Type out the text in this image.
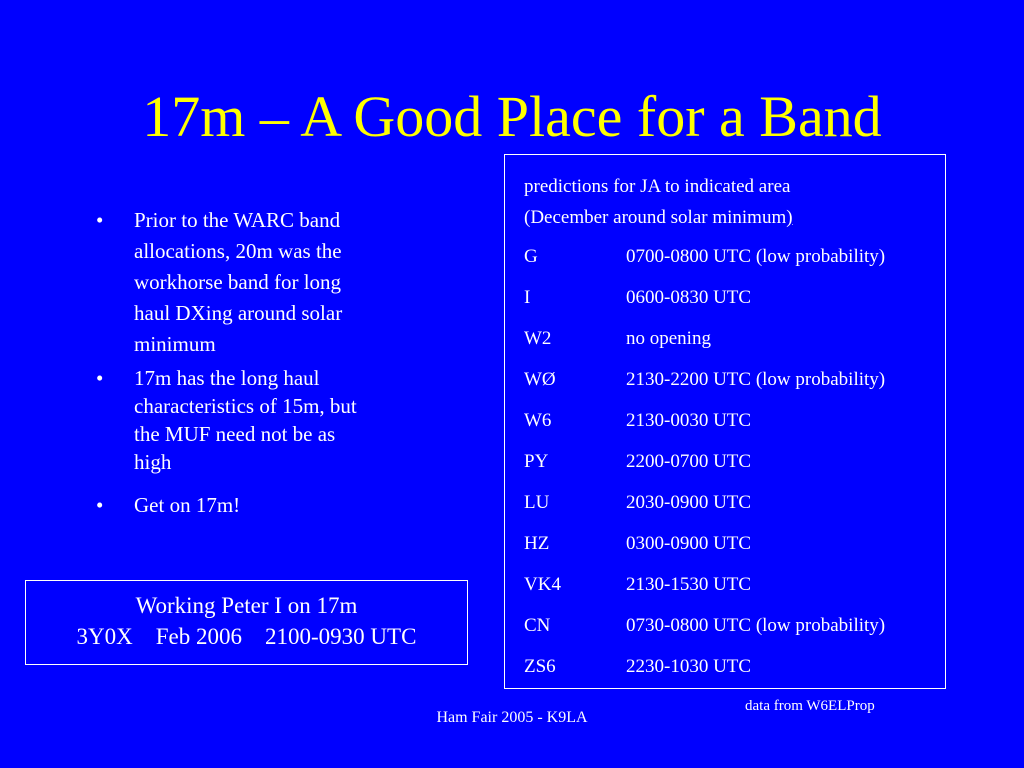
17m – A Good Place for a Band
• Prior to the WARC band allocations, 20m was the workhorse band for long haul DXing around solar minimum
• 17m has the long haul characteristics of 15m, but the MUF need not be as high
• Get on 17m!
Working Peter I on 17m
3Y0X    Feb 2006    2100-0930 UTC
predictions for JA to indicated area
(December around solar minimum)
G	0700-0800 UTC (low probability)
I	0600-0830 UTC
W2	no opening
WØ	2130-2200 UTC (low probability)
W6	2130-0030 UTC
PY	2200-0700 UTC
LU	2030-0900 UTC
HZ	0300-0900 UTC
VK4	2130-1530 UTC
CN	0730-0800 UTC (low probability)
ZS6	2230-1030 UTC
data from W6ELProp
Ham Fair 2005 - K9LA
